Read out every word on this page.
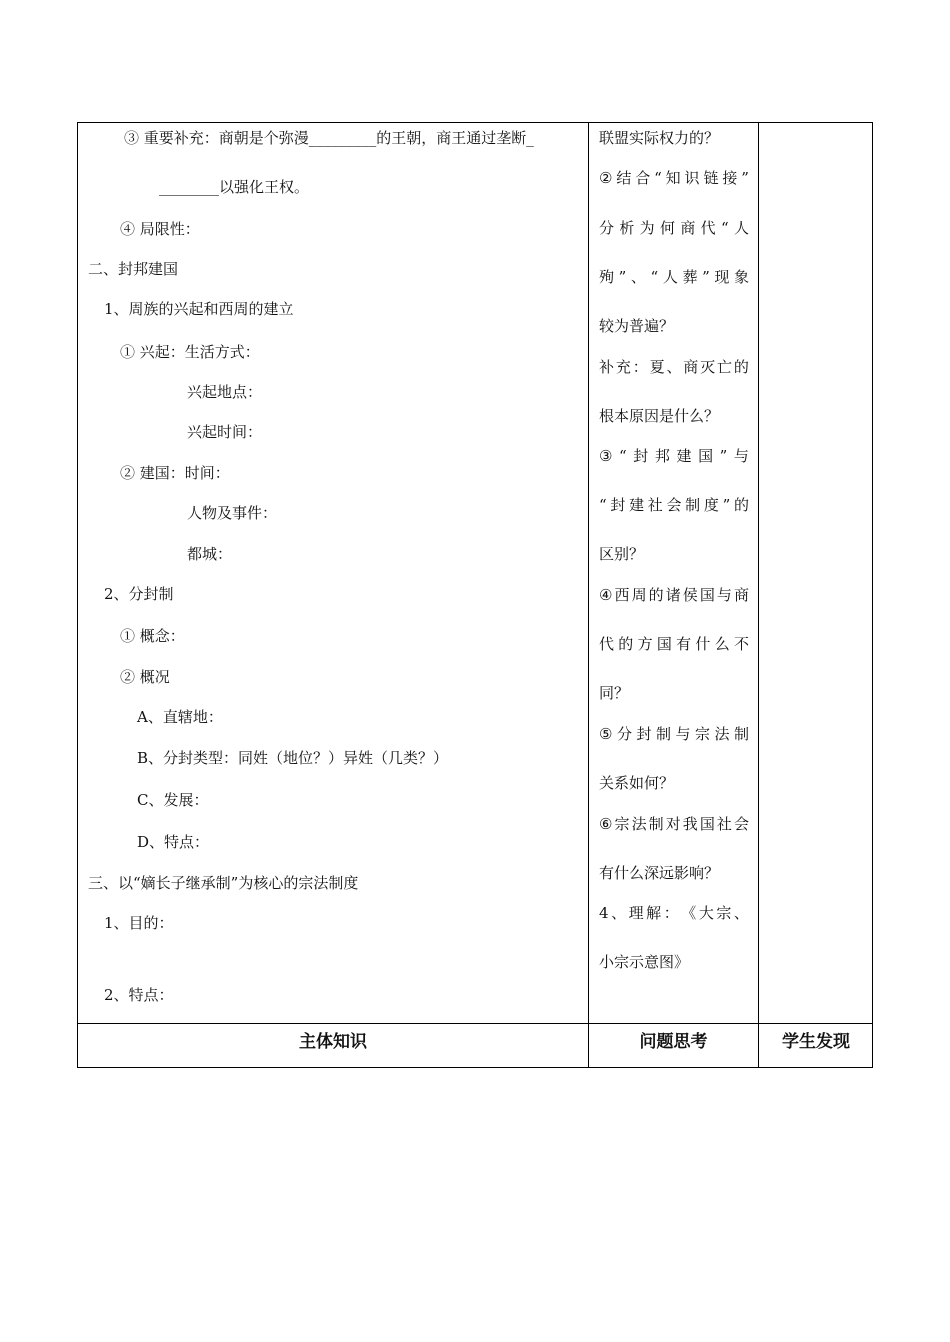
③ 重要补充：商朝是个弥漫_________的王朝，商王通过垄断_
________以强化王权。
④ 局限性：
二、封邦建国
1、周族的兴起和西周的建立
① 兴起：生活方式：
兴起地点：
兴起时间：
② 建国：时间：
人物及事件：
都城：
2、分封制
① 概念：
② 概况
A、直辖地：
B、分封类型：同姓（地位？）异姓（几类？）
C、发展：
D、特点：
三、以“嫡长子继承制”为核心的宗法制度
1、目的：
2、特点：
联盟实际权力的？
② 结 合 “ 知 识 链 接 ”
分 析 为 何 商 代 “ 人
殉 ” 、 “ 人 葬 ” 现 象
较为普遍？
补 充 ： 夏 、 商 灭 亡 的
根本原因是什么？
③ “ 封 邦 建 国 ” 与
“ 封 建 社 会 制 度 ” 的
区别？
④ 西 周 的 诸 侯 国 与 商
代 的 方 国 有 什 么 不
同？
⑤ 分 封 制 与 宗 法 制
关系如何？
⑥ 宗 法 制 对 我 国 社 会
有什么深远影响？
4 、 理 解 ： 《 大 宗 、
小宗示意图》
主体知识	问题思考	学生发现
